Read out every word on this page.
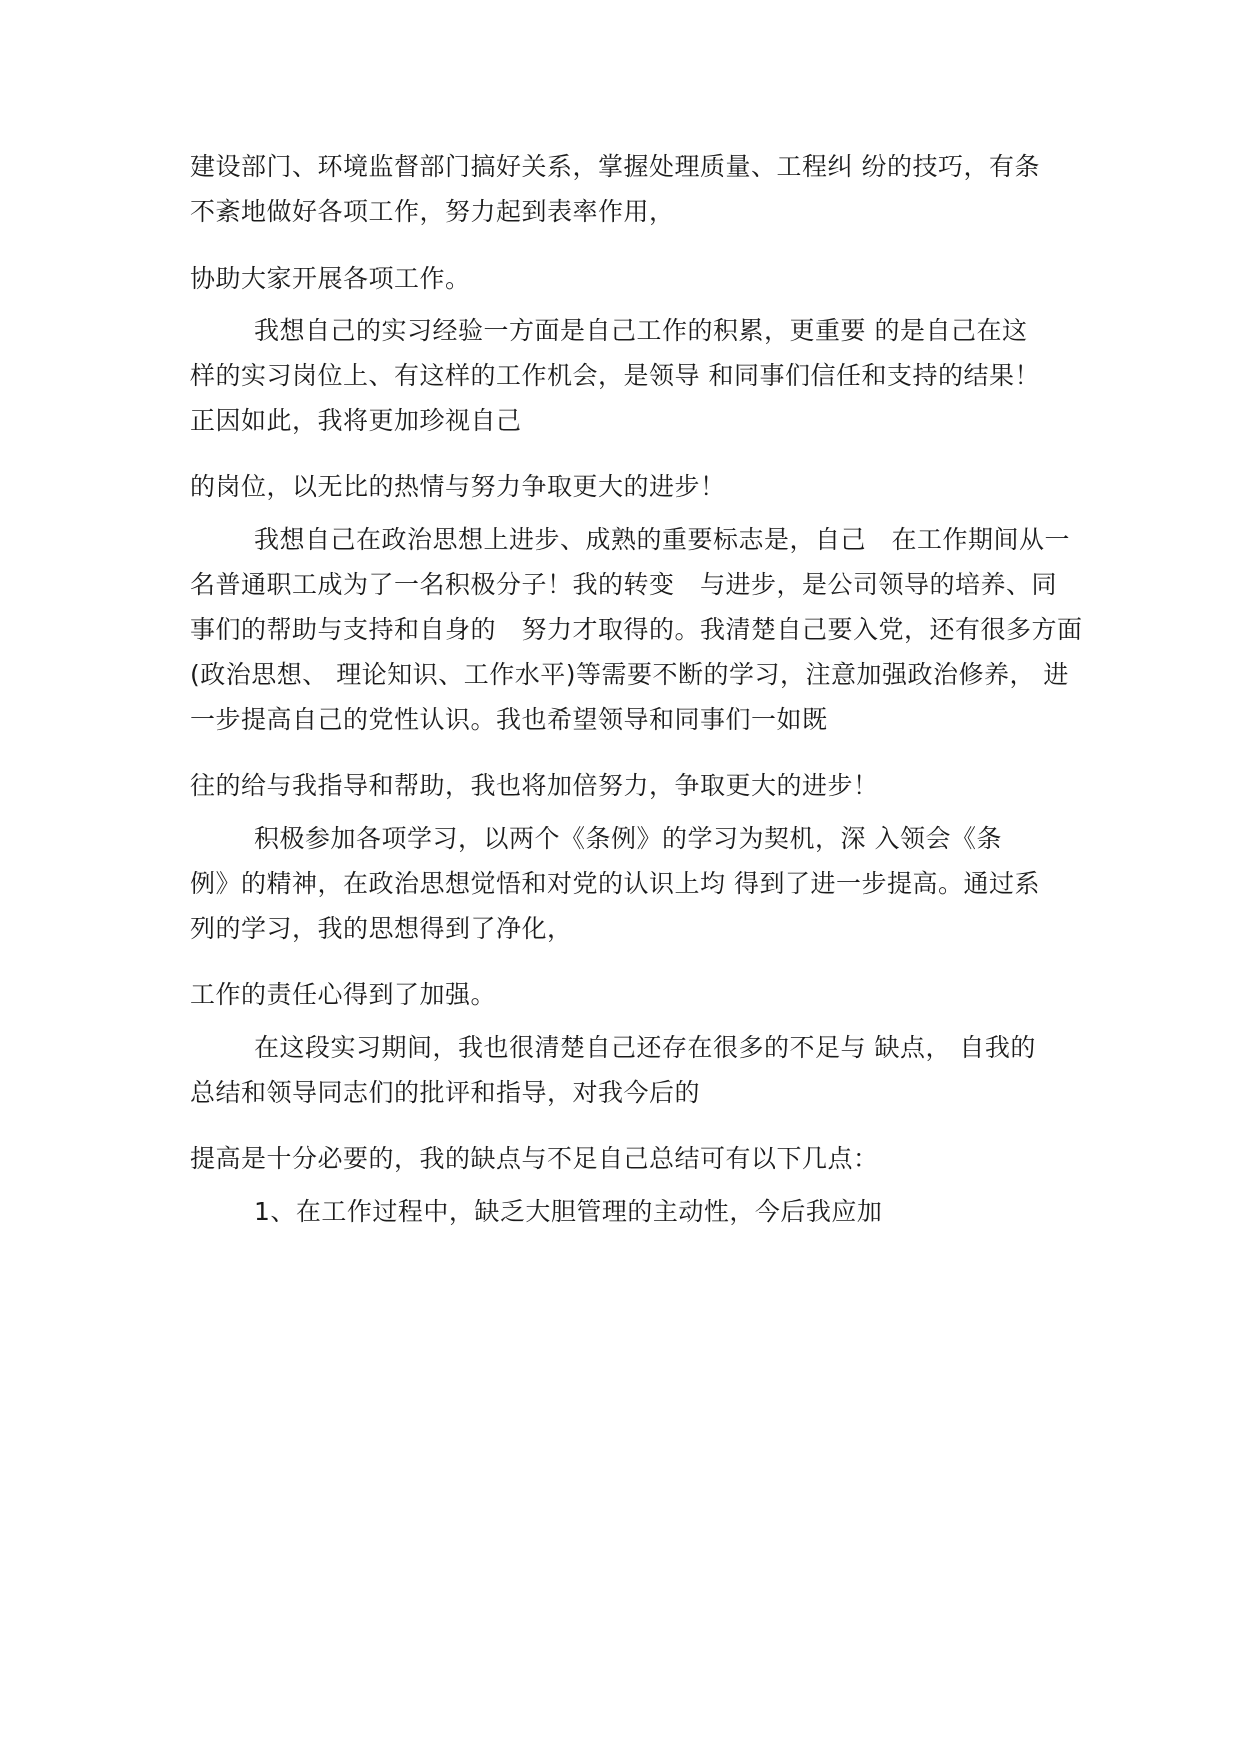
建设部门、环境监督部门搞好关系，掌握处理质量、工程纠 纷的技巧，有条
不紊地做好各项工作，努力起到表率作用，
协助大家开展各项工作。
我想自己的实习经验一方面是自己工作的积累，更重要 的是自己在这
样的实习岗位上、有这样的工作机会，是领导 和同事们信任和支持的结果！
正因如此，我将更加珍视自己
的岗位，以无比的热情与努力争取更大的进步！
我想自己在政治思想上进步、成熟的重要标志是，自己　在工作期间从一
名普通职工成为了一名积极分子！我的转变　与进步，是公司领导的培养、同
事们的帮助与支持和自身的　努力才取得的。我清楚自己要入党，还有很多方面
(政治思想、 理论知识、工作水平)等需要不断的学习，注意加强政治修养， 进
一步提高自己的党性认识。我也希望领导和同事们一如既
往的给与我指导和帮助，我也将加倍努力，争取更大的进步！
积极参加各项学习，以两个《条例》的学习为契机，深 入领会《条
例》的精神，在政治思想觉悟和对党的认识上均 得到了进一步提高。通过系
列的学习，我的思想得到了净化，
工作的责任心得到了加强。
在这段实习期间，我也很清楚自己还存在很多的不足与 缺点， 自我的
总结和领导同志们的批评和指导，对我今后的
提高是十分必要的，我的缺点与不足自己总结可有以下几点：
1、在工作过程中，缺乏大胆管理的主动性，今后我应加
